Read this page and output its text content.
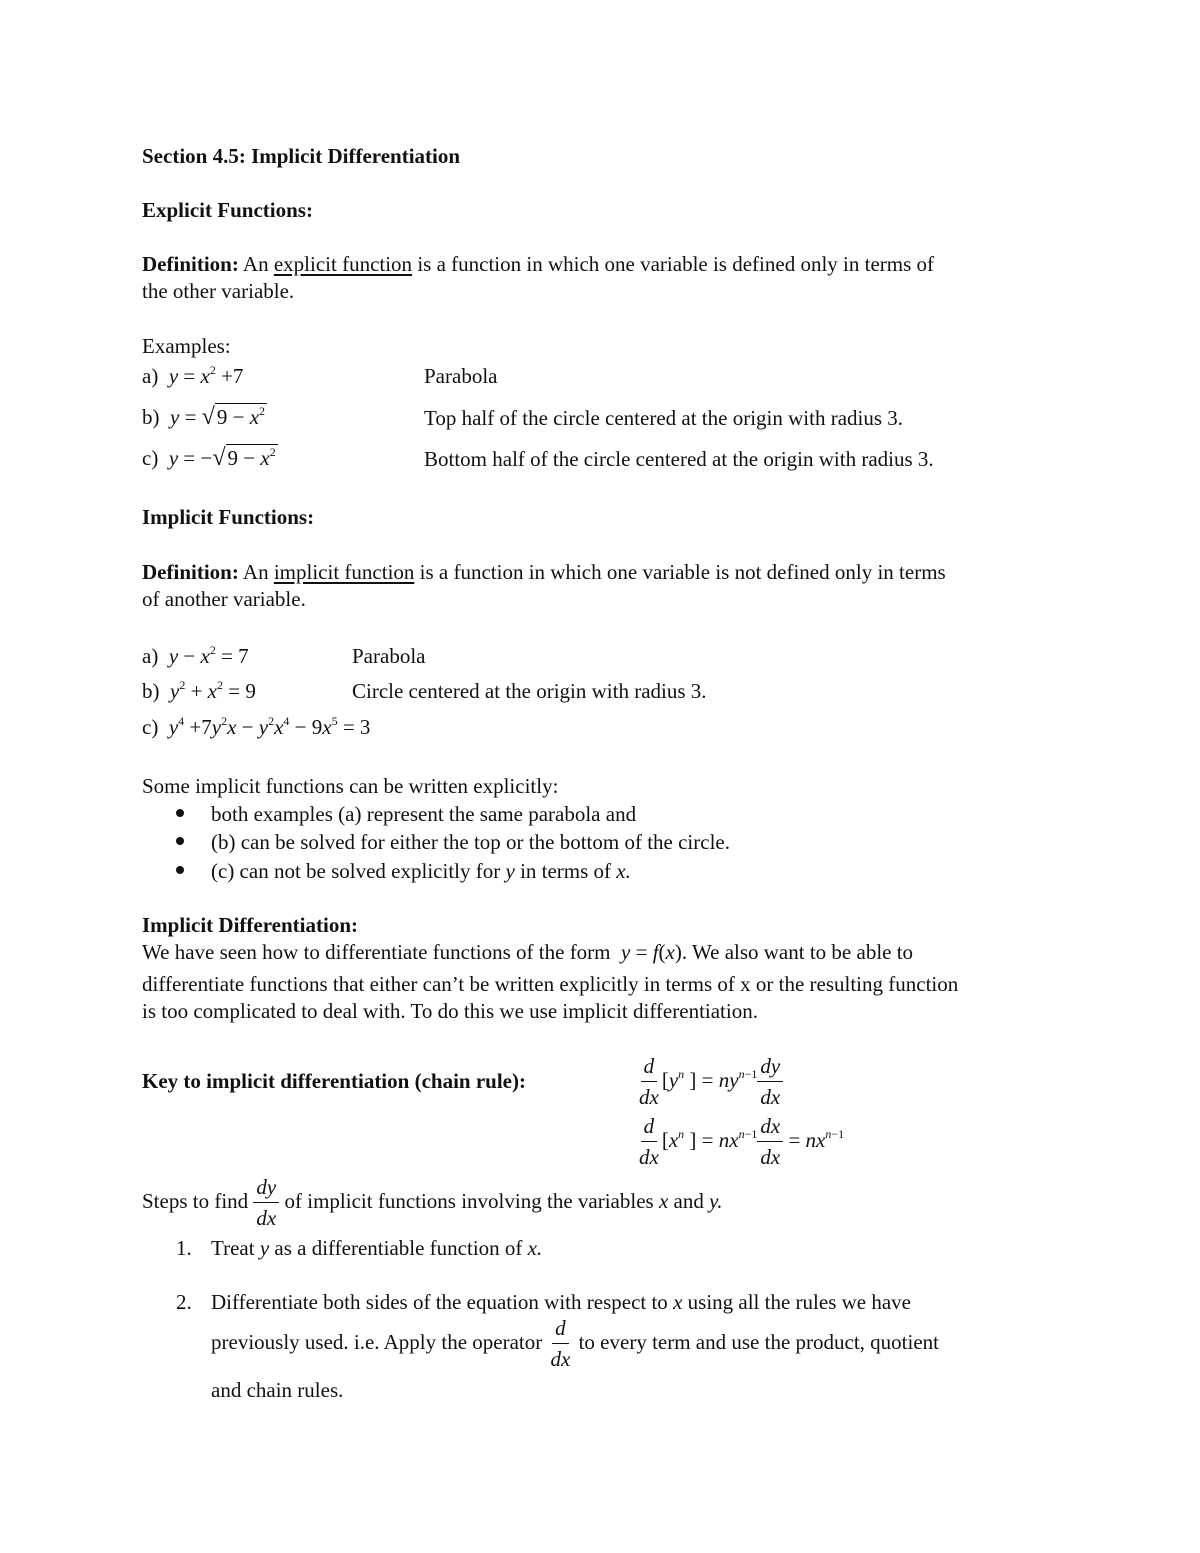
Section 4.5: Implicit Differentiation
Explicit Functions:
Definition: An explicit function is a function in which one variable is defined only in terms of
the other variable.
Examples:
a) $y = x^2 +7$	Parabola
b) $y = √9 - x^2$	Top half of the circle centered at the origin with radius 3.
c) $y = -√9 - x^2$	Bottom half of the circle centered at the origin with radius 3.
Implicit Functions:
Definition: An implicit function is a function in which one variable is not defined only in terms
of another variable.
a) $y - x^2 = 7$	Parabola
b) $y^2 + x^2 = 9$	Circle centered at the origin with radius 3.
c) $y^4 +7y^2x - y^2x^4 - 9x^5 = 3$
Some implicit functions can be written explicitly:
both examples (a) represent the same parabola and
(b) can be solved for either the top or the bottom of the circle.
(c) can not be solved explicitly for y in terms of x.
Implicit Differentiation:
We have seen how to differentiate functions of the form y = f(x). We also want to be able to
differentiate functions that either can’t be written explicitly in terms of x or the resulting function
is too complicated to deal with. To do this we use implicit differentiation.
Key to implicit differentiation (chain rule):	$\frac{d}{dx} [y^n$ ] = $ny^{n-1} \frac{dy}{dx}$
$\frac{d}{dx} [x^n$ ] = $nx^{n-1} \frac{dx}{dx} = nx^{n-1}$
Steps to find $\frac{dy}{dx}$ of implicit functions involving the variables x and y.
1. Treat y as a differentiable function of x.
2. Differentiate both sides of the equation with respect to x using all the rules we have
previously used. i.e. Apply the operator $\frac{d}{dx}$ to every term and use the product, quotient
and chain rules.
